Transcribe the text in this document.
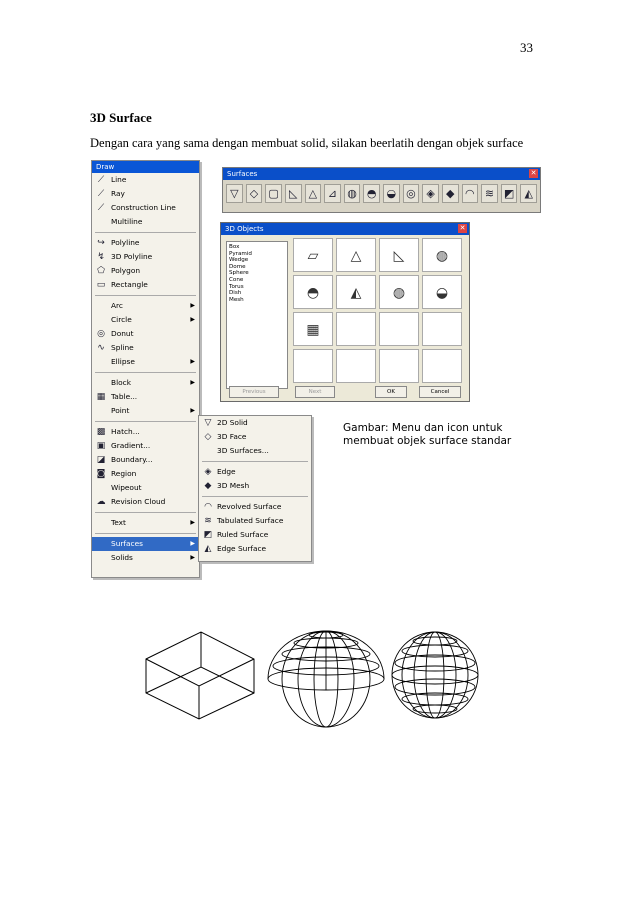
33
3D Surface
Dengan cara yang sama dengan membuat solid, silakan beerlatih dengan objek surface
Draw
⟋ Line
⟋ Ray
⟋ Construction Line
Multiline
↪ Polyline
↯ 3D Polyline
⬠ Polygon
▭ Rectangle
Arc	▶
Circle	▶
◎ Donut
∿ Spline
Ellipse	▶
Block	▶
▦ Table...
Point	▶
▩ Hatch...
▣ Gradient...
◪ Boundary...
◙ Region
Wipeout
☁ Revision Cloud
Text	▶
Surfaces	▶
Solids	▶
▽ 2D Solid
◇ 3D Face
3D Surfaces...
◈ Edge
◆ 3D Mesh
◠ Revolved Surface
≋ Tabulated Surface
◩ Ruled Surface
◭ Edge Surface
Surfaces	✕
▽	◇ ▢ ◺	△ ⊿ ◍ ◓ ◒ ◎ ◈	◆ ◠ ≋ ◩ ◭
3D Objects	✕
Box
Pyramid
Wedge
Dome
Sphere
Cone
Torus
Dish
Mesh
▱	△	◺	◍
◓	◭	◍	◒
▦
Previous	Next	OK	Cancel
Gambar: Menu dan icon untuk
membuat objek surface standar
